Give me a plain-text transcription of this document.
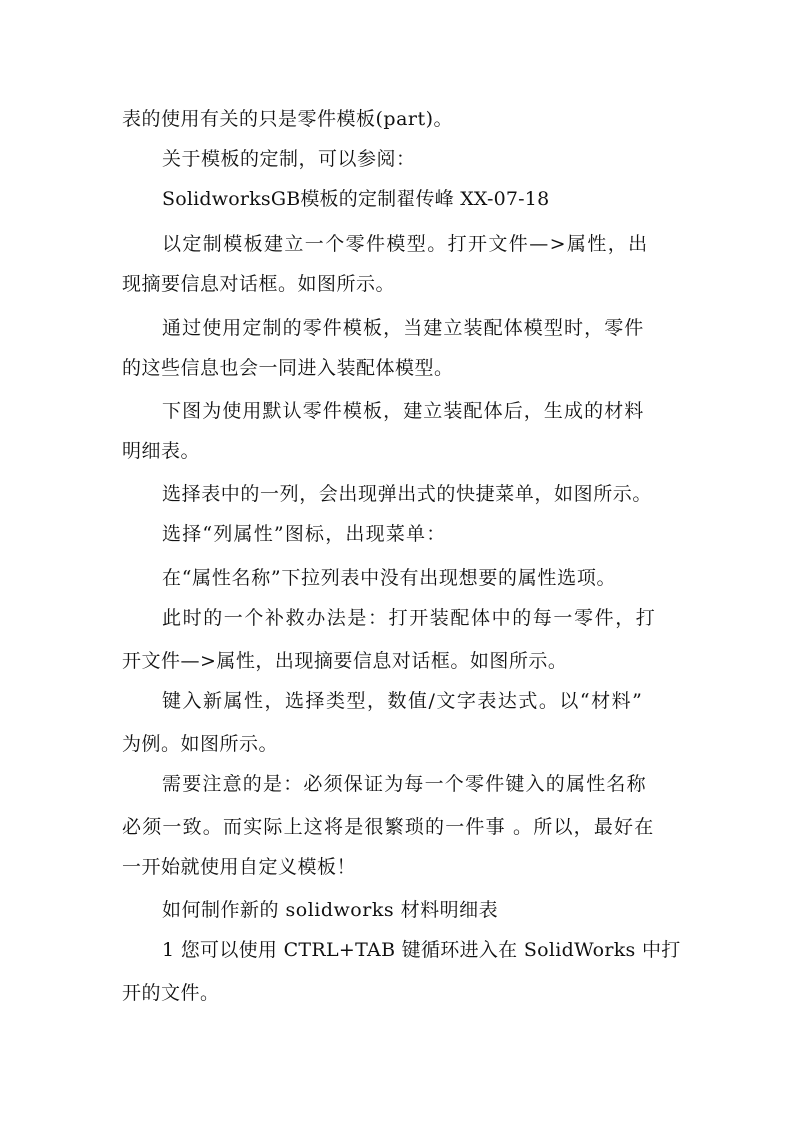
表的使用有关的只是零件模板(part)。
关于模板的定制，可以参阅：
SolidworksGB模板的定制翟传峰 XX-07-18
以定制模板建立一个零件模型。打开文件—>属性，出
现摘要信息对话框。如图所示。
通过使用定制的零件模板，当建立装配体模型时，零件
的这些信息也会一同进入装配体模型。
下图为使用默认零件模板，建立装配体后，生成的材料
明细表。
选择表中的一列，会出现弹出式的快捷菜单，如图所示。
选择“列属性”图标，出现菜单：
在“属性名称”下拉列表中没有出现想要的属性选项。
此时的一个补救办法是：打开装配体中的每一零件，打
开文件—>属性，出现摘要信息对话框。如图所示。
键入新属性，选择类型，数值/文字表达式。以“材料”
为例。如图所示。
需要注意的是：必须保证为每一个零件键入的属性名称
必须一致。而实际上这将是很繁琐的一件事 。所以，最好在
一开始就使用自定义模板！
如何制作新的 solidworks 材料明细表
1 您可以使用 CTRL+TAB 键循环进入在 SolidWorks 中打
开的文件。
